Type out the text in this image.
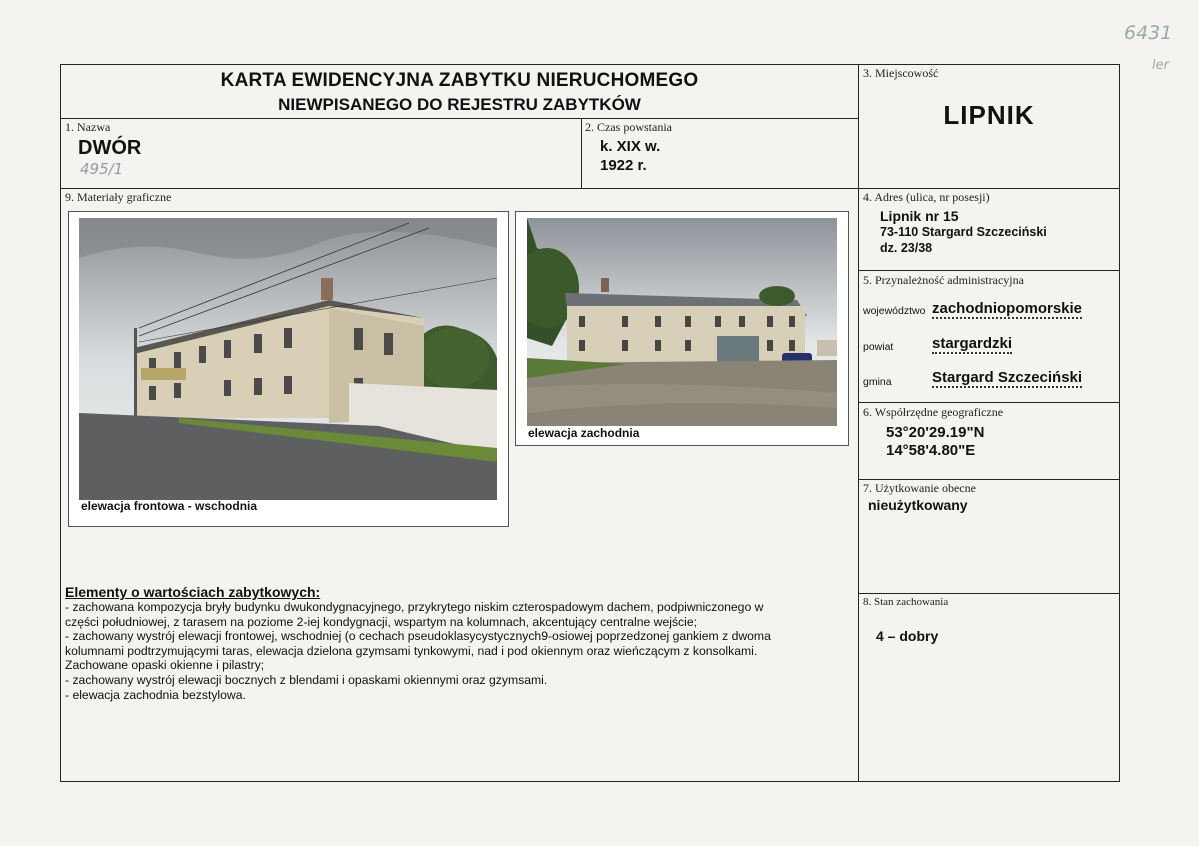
6431
ler
KARTA EWIDENCYJNA ZABYTKU NIERUCHOMEGO
NIEWPISANEGO DO REJESTRU ZABYTKÓW
1. Nazwa
DWÓR
495/1
2. Czas powstania
k. XIX w.
1922 r.
3. Miejscowość
LIPNIK
4. Adres (ulica, nr posesji)
Lipnik nr 15
73-110 Stargard Szczeciński
dz. 23/38
5. Przynależność administracyjna
województwo zachodniopomorskie
powiat	stargardzki
gmina	Stargard Szczeciński
6. Współrzędne geograficzne
53°20'29.19"N
14°58'4.80"E
7. Użytkowanie obecne
nieużytkowany
8. Stan zachowania
4 – dobry
9. Materiały graficzne
elewacja frontowa - wschodnia
elewacja zachodnia
Elementy o wartościach zabytkowych:
- zachowana kompozycja bryły budynku dwukondygnacyjnego, przykrytego niskim czterospadowym dachem, podpiwniczonego w
części południowej, z tarasem na poziome 2-iej kondygnacji, wspartym na kolumnach, akcentujący centralne wejście;
- zachowany wystrój elewacji frontowej, wschodniej (o cechach pseudoklasycystycznych9-osiowej poprzedzonej gankiem z dwoma
kolumnami podtrzymującymi taras, elewacja dzielona gzymsami tynkowymi, nad i pod okiennym oraz wieńczącym z konsolkami.
Zachowane opaski okienne i pilastry;
- zachowany wystrój elewacji bocznych z blendami i opaskami okiennymi oraz gzymsami.
- elewacja zachodnia bezstylowa.
